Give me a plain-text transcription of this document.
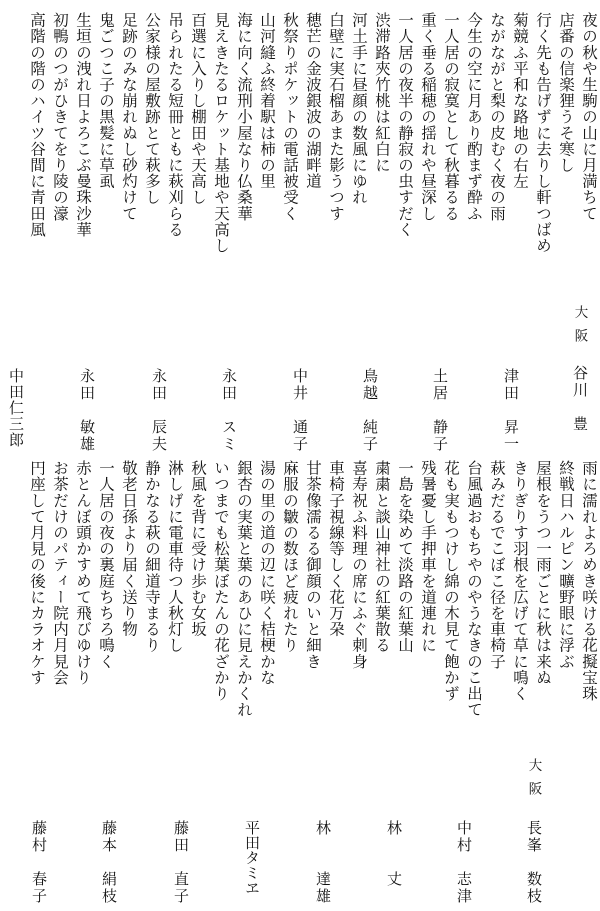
夜の秋や生駒の山に月満ちて
店番の信楽狸うそ寒し
行く先も告げずに去りし軒つばめ
菊競ふ平和な路地の右左
ながながと梨の皮むく夜の雨
今生の空に月あり酌まず酔ふ
一人居の寂寞として秋暮るる
重く垂る稲穂の揺れや昼深し
一人居の夜半の静寂の虫すだく
渋滞路夾竹桃は紅白に
河土手に昼顔の数風にゆれ
白壁に実石榴あまた影うつす
穂芒の金波銀波の湖畔道
秋祭りポケットの電話被受く
山河縫ふ終着駅は柿の里
海に向く流刑小屋なり仏桑華
見えきたるロケット基地や天高し
百選に入りし棚田や天高し
吊られたる短冊ともに萩刈らる
公家様の屋敷跡とて萩多し
足跡のみな崩れぬし砂灼けて
鬼ごつこ子の黒髪に草虱
生垣の洩れ日よろこぶ曼珠沙華
初鴨のつがひきてをり陵の濠
高階の階のハイツ谷間に青田風
大阪
谷川　豊
津田　昇一
土居　静子
鳥越　純子
中井　通子
永田　スミ
永田　辰夫
永田　敏雄
中田仁三郎
雨に濡れよろめき咲ける花擬宝珠
終戦日ハルピン曠野眼に浮ぶ
屋根をうつ一雨ごとに秋は来ぬ
きりぎりす羽根を広げて草に鳴く
萩みだるでこぼこ径を車椅子
台風過おもちやのやうなきのこ出て
花も実もつけし綿の木見て飽かず
残暑憂し手押車を道連れに
一島を染めて淡路の紅葉山
粛粛と談山神社の紅葉散る
喜寿祝ふ料理の席にふぐ刺身
車椅子視線等しく花万朶
甘茶像濡るる御顔のいと細き
麻服の皺の数ほど疲れたり
湯の里の道の辺に咲く桔梗かな
銀杏の実葉と葉のあひに見えかくれ
いつまでも松葉ぼたんの花ざかり
秋風を背に受け歩む女坂
淋しげに電車待つ人秋灯し
静かなる萩の細道寺まるり
敬老日孫より届く送り物
一人居の夜の裏庭ちちろ鳴く
赤とんぼ頭かすめて飛びゆけり
お茶だけのパティー院内月見会
円座して月見の後にカラオケす
大阪
長峯　数枝
中村　志津
林　　丈
林　　達雄
平田タミヱ
藤田　直子
藤本　絹枝
藤村　春子
